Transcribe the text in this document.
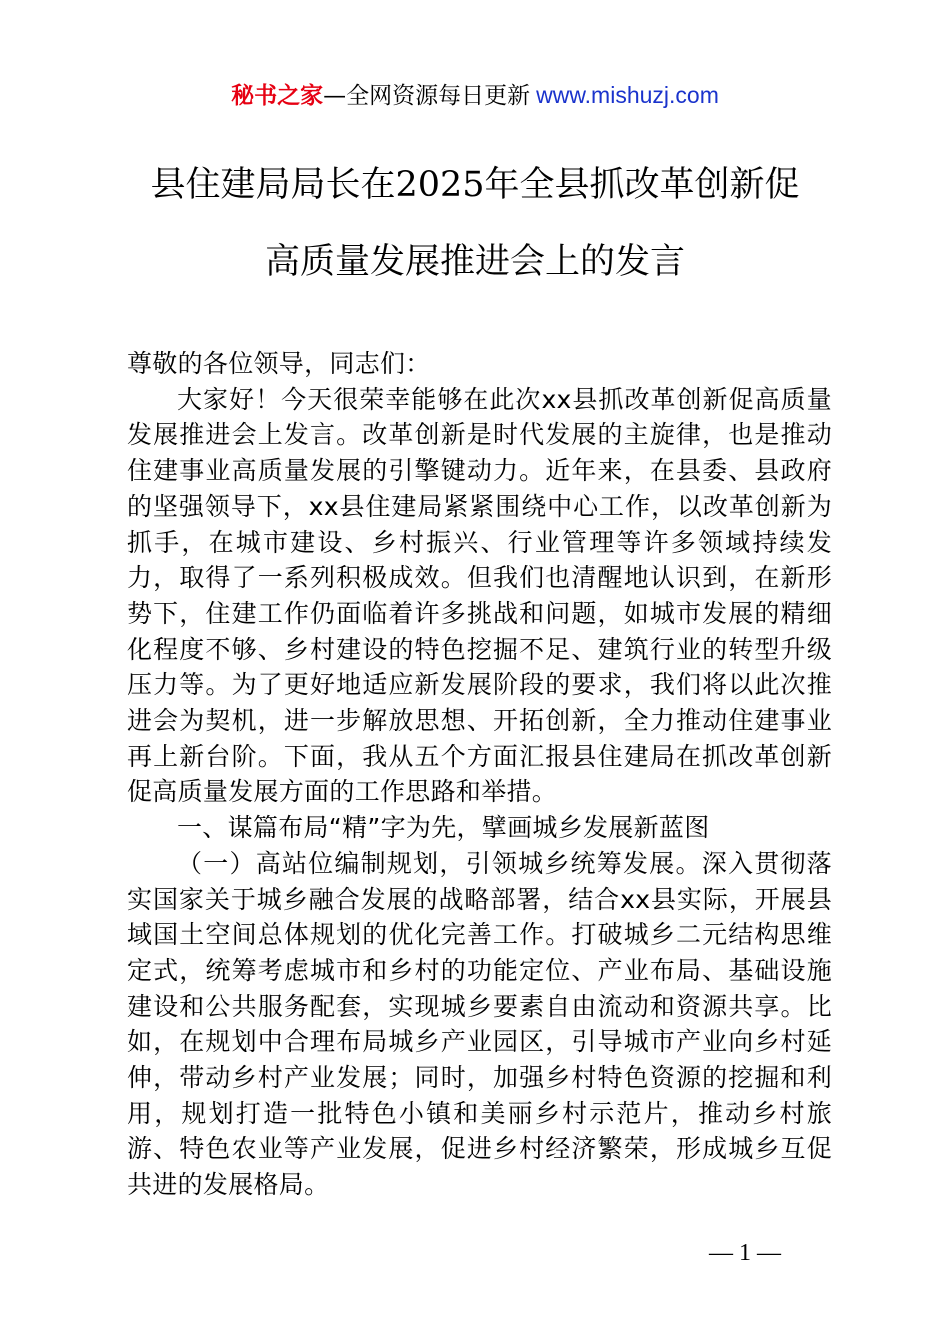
秘书之家—全网资源每日更新 www.mishuzj.com
县住建局局长在2025年全县抓改革创新促
高质量发展推进会上的发言

尊敬的各位领导，同志们：

大家好！今天很荣幸能够在此次xx县抓改革创新促高质量发展推进会上发言。改革创新是时代发展的主旋律，也是推动住建事业高质量发展的引擎键动力。近年来，在县委、县政府的坚强领导下，xx县住建局紧紧围绕中心工作，以改革创新为抓手，在城市建设、乡村振兴、行业管理等许多领域持续发力，取得了一系列积极成效。但我们也清醒地认识到，在新形势下，住建工作仍面临着许多挑战和问题，如城市发展的精细化程度不够、乡村建设的特色挖掘不足、建筑行业的转型升级压力等。为了更好地适应新发展阶段的要求，我们将以此次推进会为契机，进一步解放思想、开拓创新，全力推动住建事业再上新台阶。下面，我从五个方面汇报县住建局在抓改革创新促高质量发展方面的工作思路和举措。

一、谋篇布局“精”字为先，擘画城乡发展新蓝图

（一）高站位编制规划，引领城乡统筹发展。深入贯彻落实国家关于城乡融合发展的战略部署，结合xx县实际，开展县域国土空间总体规划的优化完善工作。打破城乡二元结构思维定式，统筹考虑城市和乡村的功能定位、产业布局、基础设施建设和公共服务配套，实现城乡要素自由流动和资源共享。比如，在规划中合理布局城乡产业园区，引导城市产业向乡村延伸，带动乡村产业发展；同时，加强乡村特色资源的挖掘和利用，规划打造一批特色小镇和美丽乡村示范片，推动乡村旅游、特色农业等产业发展，促进乡村经济繁荣，形成城乡互促共进的发展格局。

— 1 —
